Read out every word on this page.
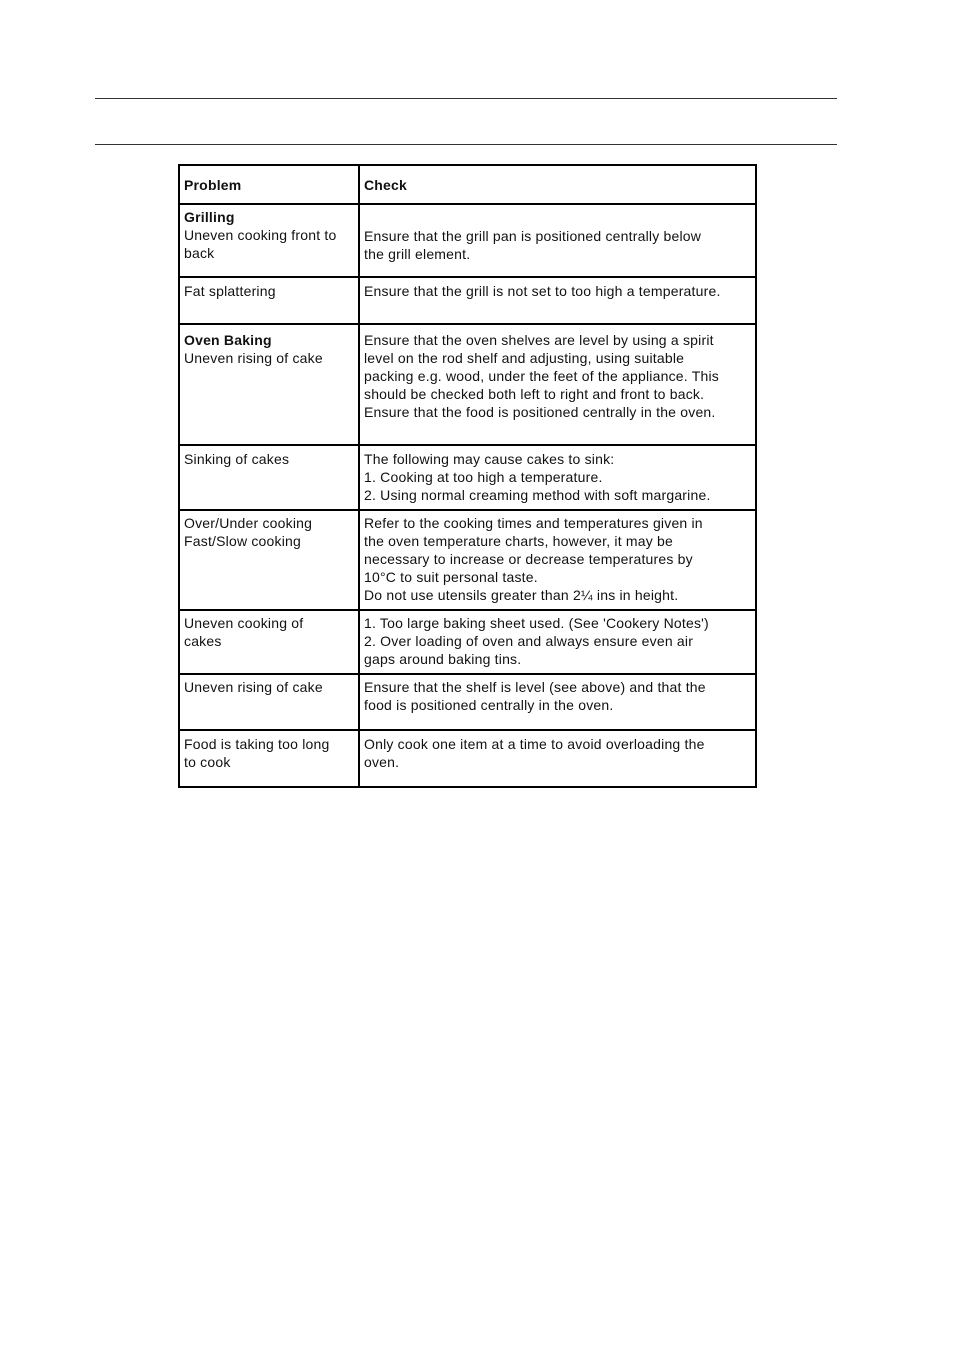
Problem	Check

Grilling
Uneven cooking front to
back	Ensure that the grill pan is positioned centrally below
the grill element.

Fat splattering	Ensure that the grill is not set to too high a temperature.

Oven Baking
Uneven rising of cake	Ensure that the oven shelves are level by using a spirit
level on the rod shelf and adjusting, using suitable
packing e.g. wood, under the feet of the appliance. This
should be checked both left to right and front to back.
Ensure that the food is positioned centrally in the oven.

Sinking of cakes	The following may cause cakes to sink:
1. Cooking at too high a temperature.
2. Using normal creaming method with soft margarine.

Over/Under cooking
Fast/Slow cooking	Refer to the cooking times and temperatures given in
the oven temperature charts, however, it may be
necessary to increase or decrease temperatures by
10°C to suit personal taste.
Do not use utensils greater than 2¼ ins in height.

Uneven cooking of
cakes	1. Too large baking sheet used. (See 'Cookery Notes')
2. Over loading of oven and always ensure even air
gaps around baking tins.

Uneven rising of cake	Ensure that the shelf is level (see above) and that the
food is positioned centrally in the oven.

Food is taking too long
to cook	Only cook one item at a time to avoid overloading the
oven.
